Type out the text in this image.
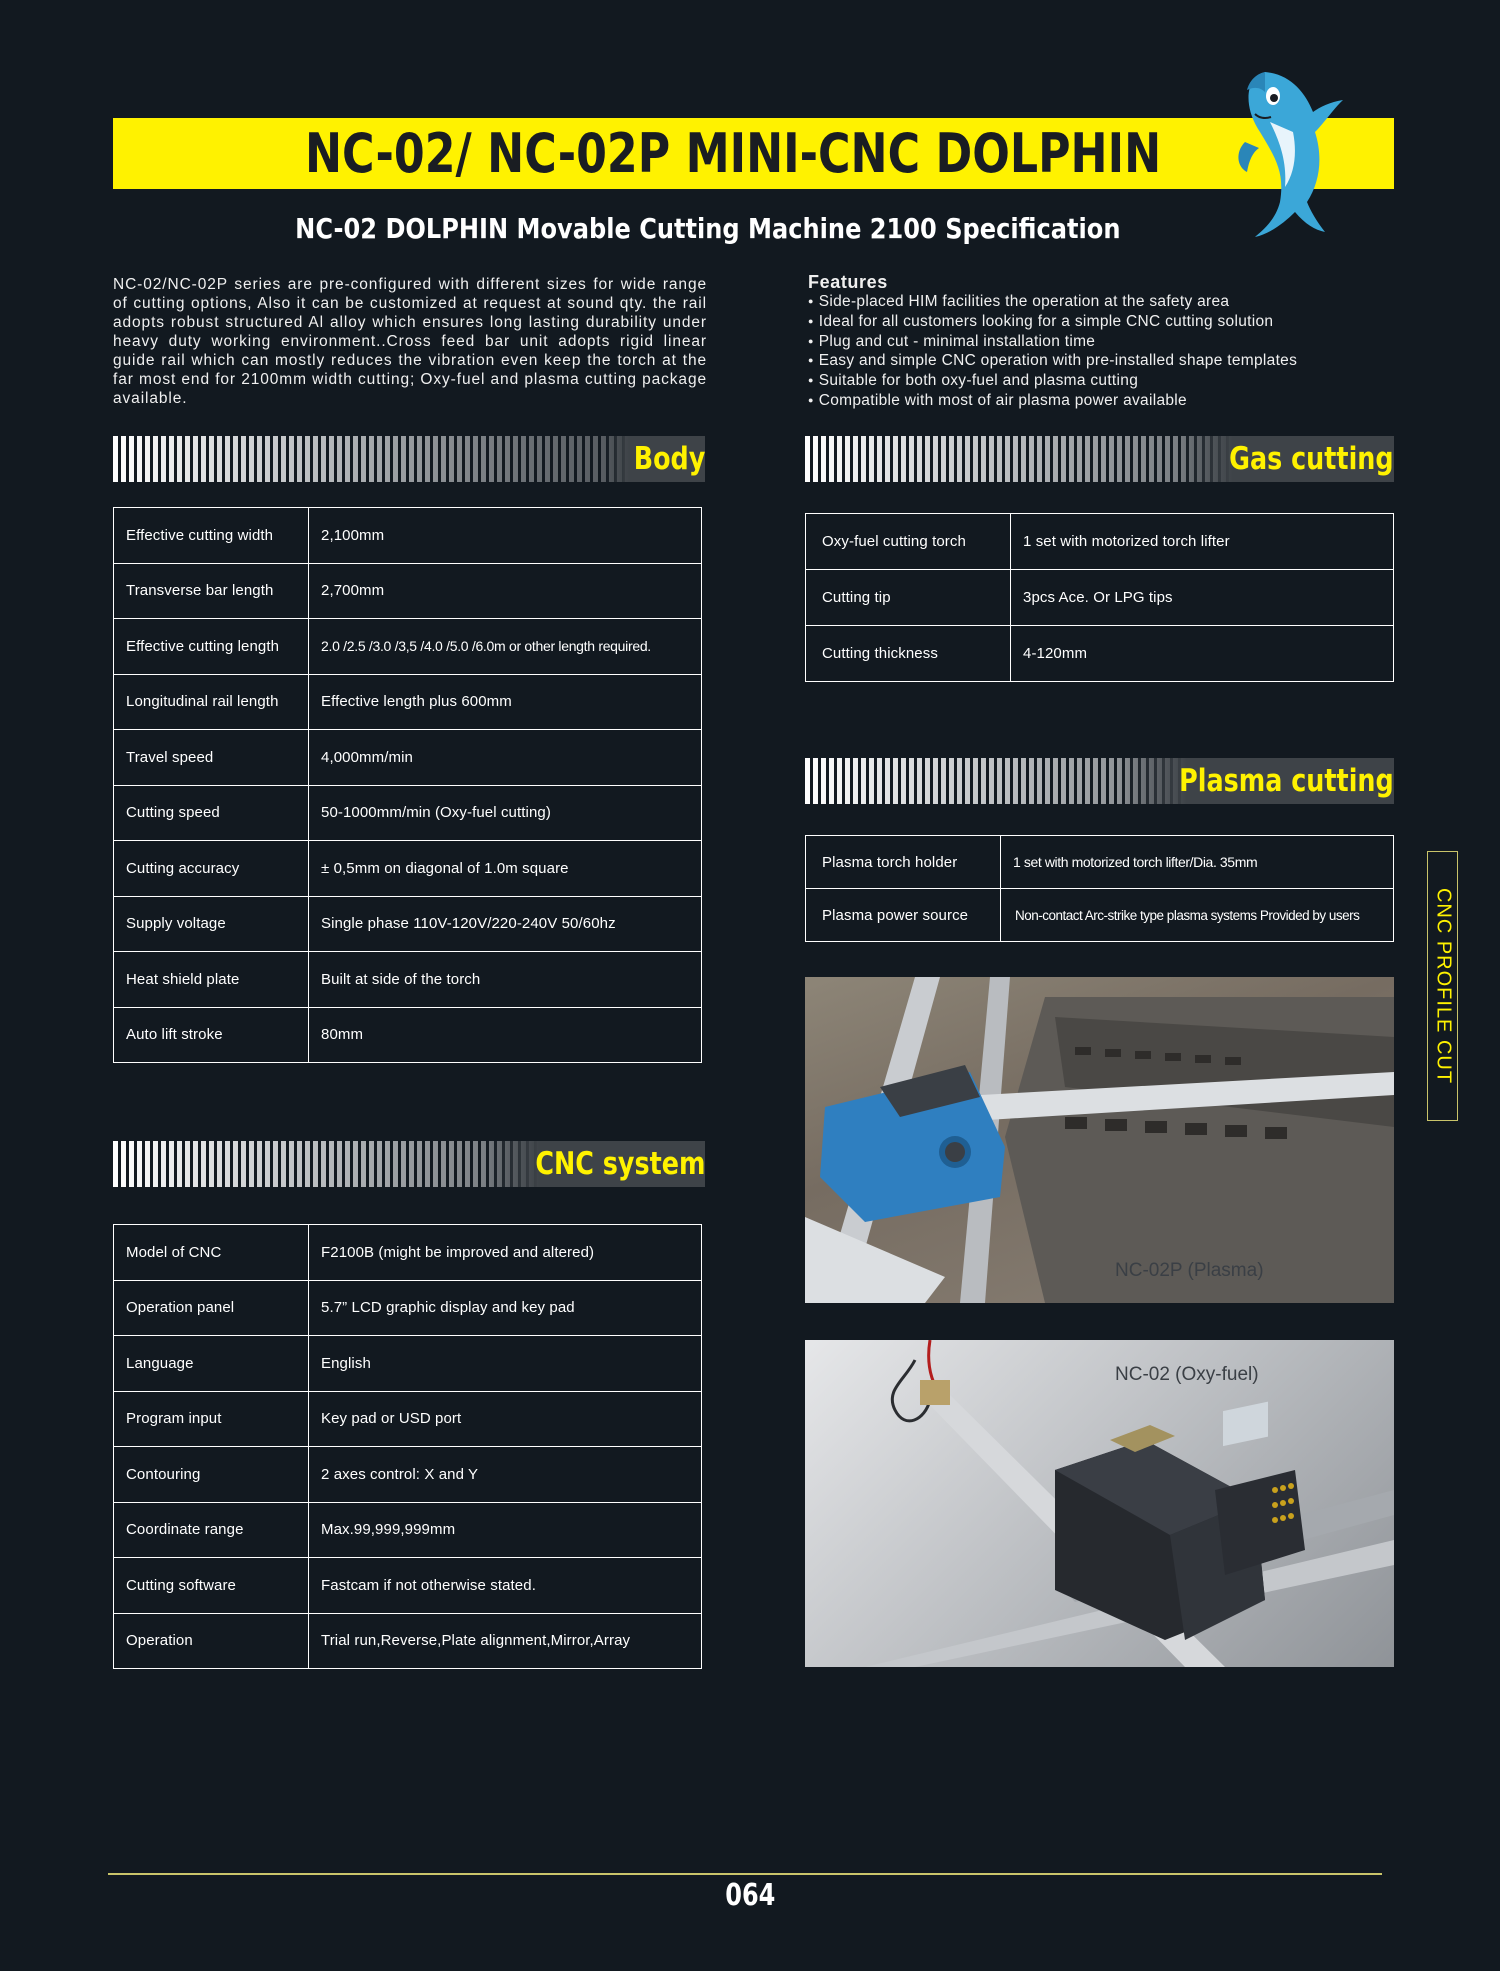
NC-02/ NC-02P MINI-CNC DOLPHIN
NC-02 DOLPHIN Movable Cutting Machine 2100 Specification

NC-02/NC-02P series are pre-configured with different sizes for wide range of cutting options, Also it can be customized at request at sound qty. the rail adopts robust structured Al alloy which ensures long lasting durability under heavy duty working environment..Cross feed bar unit adopts rigid linear guide rail which can mostly reduces the vibration even keep the torch at the far most end for 2100mm width cutting; Oxy-fuel and plasma cutting package available.

Features
● Side-placed HIM facilities the operation at the safety area
● Ideal for all customers looking for a simple CNC cutting solution
● Plug and cut - minimal installation time
● Easy and simple CNC operation with pre-installed shape templates
● Suitable for both oxy-fuel and plasma cutting
● Compatible with most of air plasma power available
Body
Effective cutting width	2,100mm
Transverse bar length	2,700mm
Effective cutting length	2.0 /2.5 /3.0 /3,5 /4.0 /5.0 /6.0m or other length required.
Longitudinal rail length	Effective length plus 600mm
Travel speed	4,000mm/min
Cutting speed	50-1000mm/min (Oxy-fuel cutting)
Cutting accuracy	± 0,5mm on diagonal of 1.0m square
Supply voltage	Single phase 110V-120V/220-240V 50/60hz
Heat shield plate	Built at side of the torch
Auto lift stroke	80mm
CNC system
Model of CNC	F2100B (might be improved and altered)
Operation panel	5.7” LCD graphic display and key pad
Language	English
Program input	Key pad or USD port
Contouring	2 axes control: X and Y
Coordinate range	Max.99,999,999mm
Cutting software	Fastcam if not otherwise stated.
Operation	Trial run,Reverse,Plate alignment,Mirror,Array
Gas cutting
Oxy-fuel cutting torch	1 set with motorized torch lifter
Cutting tip	3pcs Ace. Or LPG tips
Cutting thickness	4-120mm
Plasma cutting
Plasma torch holder	1 set with motorized torch lifter/Dia. 35mm
Plasma power source	Non-contact Arc-strike type plasma systems Provided by users
NC-02P (Plasma)
NC-02 (Oxy-fuel)
CNC PROFILE CUT
064
